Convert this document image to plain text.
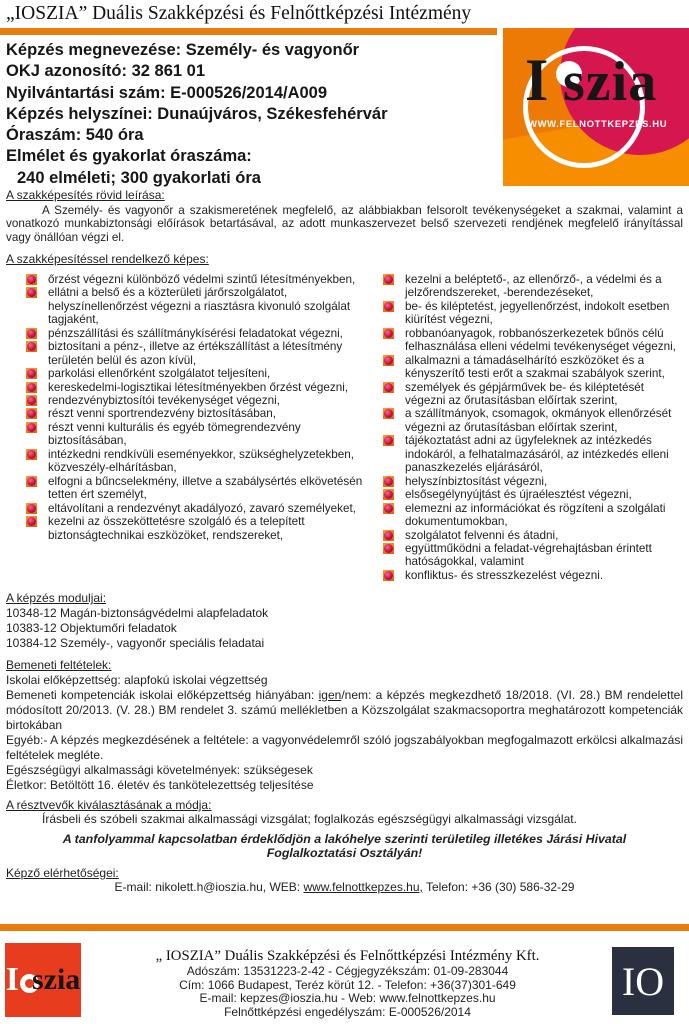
„IOSZIA” Duális Szakképzési és Felnőttképzési Intézmény
I szia
WWW.FELNOTTKEPZES.HU
Képzés megnevezése: Személy- és vagyonőr
OKJ azonosító: 32 861 01
Nyilvántartási szám: E-000526/2014/A009
Képzés helyszínei: Dunaújváros, Székesfehérvár
Óraszám: 540 óra
Elmélet és gyakorlat óraszáma:
240 elméleti; 300 gyakorlati óra
A szakképesítés rövid leírása:
A Személy- és vagyonőr a szakismeretének megfelelő, az alábbiakban felsorolt tevékenységeket a szakmai, valamint a vonatkozó munkabiztonsági előírások betartásával, az adott munkaszervezet belső szervezeti rendjének megfelelő irányítással vagy önállóan végzi el.
A szakképesítéssel rendelkező képes:
őrzést végezni különböző védelmi szintű létesítményekben,
ellátni a belső és a közterületi járőrszolgálatot, helyszínellenőrzést végezni a riasztásra kivonuló szolgálat tagjaként,
pénzszállítási és szállítmánykísérési feladatokat végezni,
biztosítani a pénz-, illetve az értékszállítást a létesítmény területén belül és azon kívül,
parkolási ellenőrként szolgálatot teljesíteni,
kereskedelmi-logisztikai létesítményekben őrzést végezni,
rendezvénybiztosítói tevékenységet végezni,
részt venni sportrendezvény biztosításában,
részt venni kulturális és egyéb tömegrendezvény biztosításában,
intézkedni rendkívüli eseményekkor, szükséghelyzetekben, közveszély-elhárításban,
elfogni a bűncselekmény, illetve a szabálysértés elkövetésén tetten ért személyt,
eltávolítani a rendezvényt akadályozó, zavaró személyeket,
kezelni az összeköttetésre szolgáló és a telepített biztonságtechnikai eszközöket, rendszereket,
kezelni a beléptető-, az ellenőrző-, a védelmi és a jelzőrendszereket, -berendezéseket,
be- és kiléptetést, jegyellenőrzést, indokolt esetben kiürítést végezni,
robbanóanyagok, robbanószerkezetek bűnös célú felhasználása elleni védelmi tevékenységet végezni,
alkalmazni a támadáselhárító eszközöket és a kényszerítő testi erőt a szakmai szabályok szerint,
személyek és gépjárművek be- és kiléptetését végezni az őrutasításban előírtak szerint,
a szállítmányok, csomagok, okmányok ellenőrzését végezni az őrutasításban előírtak szerint,
tájékoztatást adni az ügyfeleknek az intézkedés indokáról, a felhatalmazásáról, az intézkedés elleni panaszkezelés eljárásáról,
helyszínbiztosítást végezni,
elsősegélynyújtást és újraélesztést végezni,
elemezni az információkat és rögzíteni a szolgálati dokumentumokban,
szolgálatot felvenni és átadni,
együttműködni a feladat-végrehajtásban érintett hatóságokkal, valamint
konfliktus- és stresszkezelést végezni.
A képzés moduljai:
10348-12 Magán-biztonságvédelmi alapfeladatok
10383-12 Objektumőri feladatok
10384-12 Személy-, vagyonőr speciális feladatai
Bemeneti feltételek:
Iskolai előképzettség: alapfokú iskolai végzettség
Bemeneti kompetenciák iskolai előképzettség hiányában: igen/nem: a képzés megkezdhető 18/2018. (VI. 28.) BM rendelettel módosított 20/2013. (V. 28.) BM rendelet 3. számú mellékletben a Közszolgálat szakmacsoportra meghatározott kompetenciák birtokában
Egyéb:- A képzés megkezdésének a feltétele: a vagyonvédelemről szóló jogszabályokban megfogalmazott erkölcsi alkalmazási feltételek megléte.
Egészségügyi alkalmassági követelmények: szükségesek
Életkor: Betöltött 16. életév és tankötelezettség teljesítése
A résztvevők kiválasztásának a módja:
Írásbeli és szóbeli szakmai alkalmassági vizsgálat; foglalkozás egészségügyi alkalmassági vizsgálat.
A tanfolyammal kapcsolatban érdeklődjön a lakóhelye szerinti területileg illetékes Járási Hivatal Foglalkoztatási Osztályán!
Képző elérhetőségei:
E-mail: nikolett.h@ioszia.hu, WEB: www.felnottkepzes.hu, Telefon: +36 (30) 586-32-29
I szia
„ IOSZIA” Duális Szakképzési és Felnőttképzési Intézmény Kft.
Adószám: 13531223-2-42 - Cégjegyzékszám: 01-09-283044
Cím: 1066 Budapest, Teréz körút 12. - Telefon: +36(37)301-649
E-mail: kepzes@ioszia.hu - Web: www.felnottkepzes.hu
Felnőttképzési engedélyszám: E-000526/2014
IO
